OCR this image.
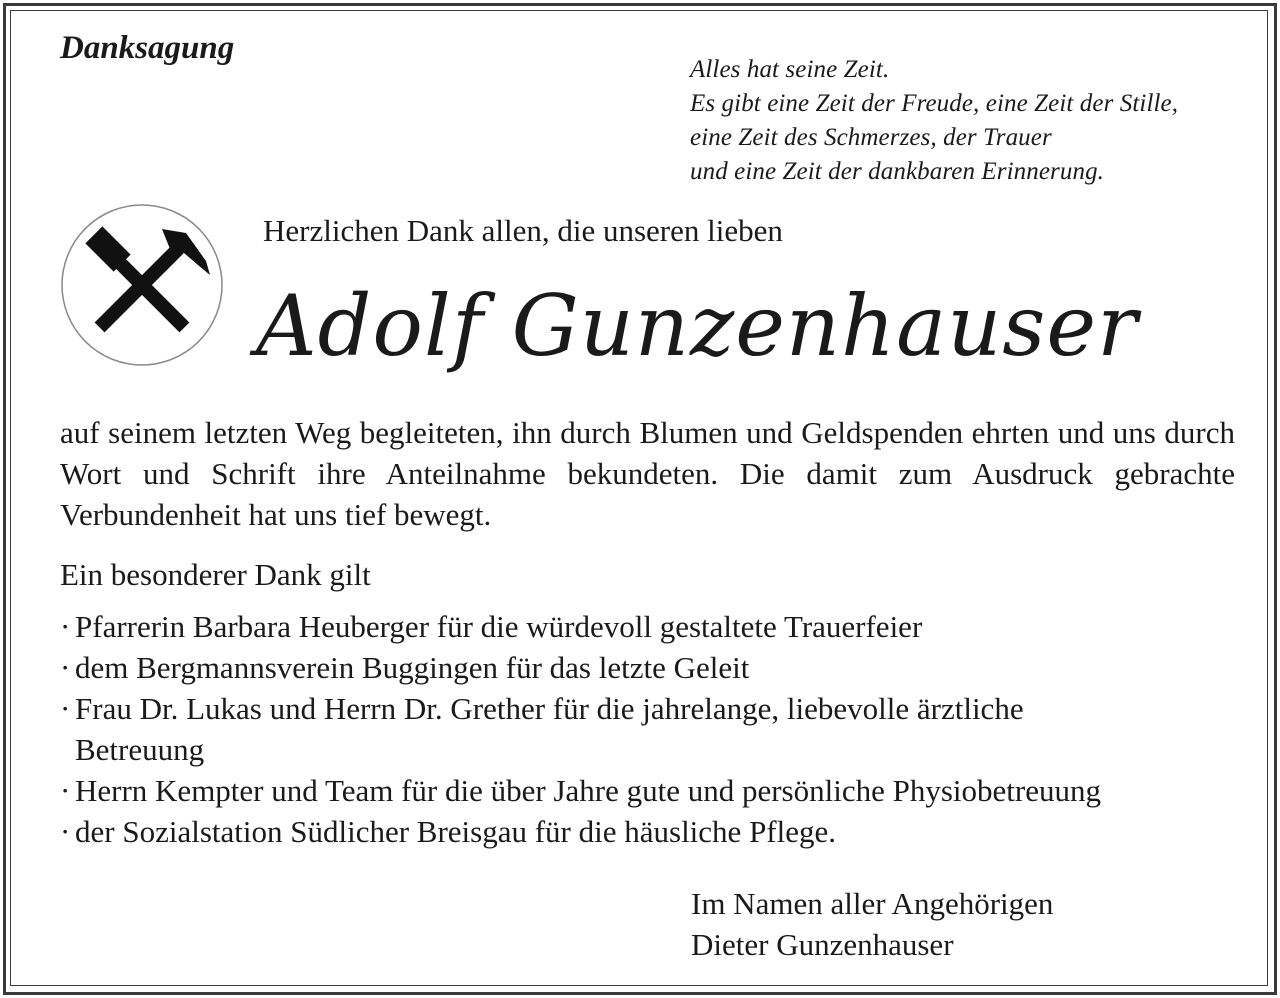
Danksagung
Alles hat seine Zeit.
Es gibt eine Zeit der Freude, eine Zeit der Stille,
eine Zeit des Schmerzes, der Trauer
und eine Zeit der dankbaren Erinnerung.
Herzlichen Dank allen, die unseren lieben
Adolf Gunzenhauser

auf seinem letzten Weg begleiteten, ihn durch Blumen und Geldspenden ehrten und uns durch Wort und Schrift ihre Anteilnahme bekundeten. Die damit zum Ausdruck gebrachte Verbundenheit hat uns tief bewegt.

Ein besonderer Dank gilt
· Pfarrerin Barbara Heuberger für die würdevoll gestaltete Trauerfeier
· dem Bergmannsverein Buggingen für das letzte Geleit
· Frau Dr. Lukas und Herrn Dr. Grether für die jahrelange, liebevolle ärztliche
Betreuung
· Herrn Kempter und Team für die über Jahre gute und persönliche Physiobetreuung
· der Sozialstation Südlicher Breisgau für die häusliche Pflege.
Im Namen aller Angehörigen
Dieter Gunzenhauser
